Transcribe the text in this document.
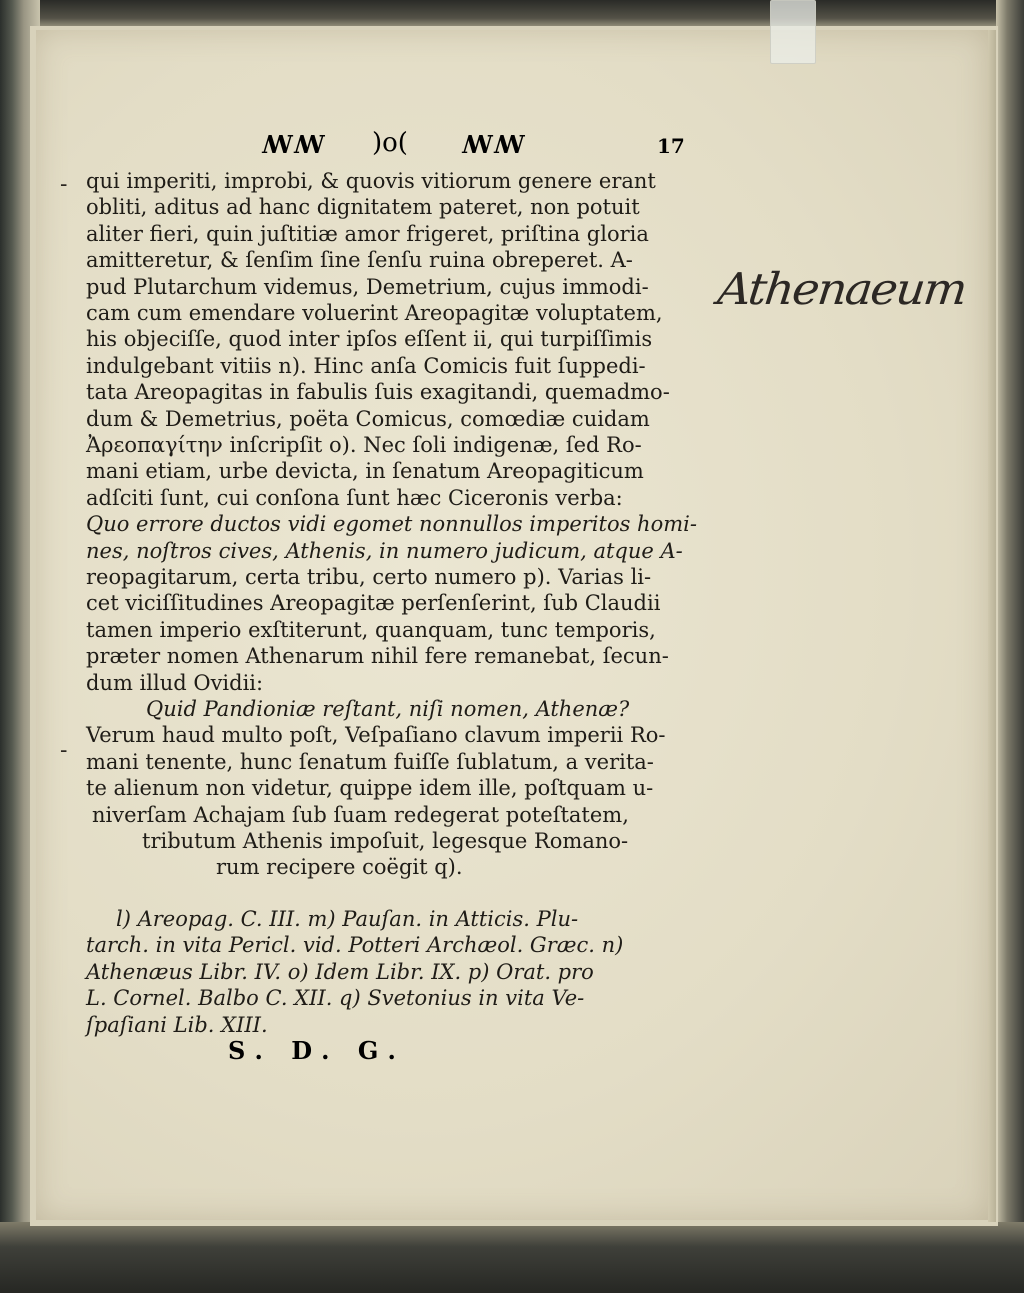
ꟿꟿ )o( ꟿꟿ	17
qui imperiti, improbi, & quovis vitiorum genere erant
obliti, aditus ad hanc dignitatem pateret, non potuit
aliter fieri, quin juſtitiæ amor frigeret, priſtina gloria
amitteretur, & ſenſim ſine ſenſu ruina obreperet. A-
pud Plutarchum videmus, Demetrium, cujus immodi-
cam cum emendare voluerint Areopagitæ voluptatem,
his objeciſſe, quod inter ipſos eſſent ii, qui turpiſſimis
indulgebant vitiis n). Hinc anſa Comicis fuit ſuppedi-
tata Areopagitas in fabulis ſuis exagitandi, quemadmo-
dum & Demetrius, poëta Comicus, comœdiæ cuidam
Ἀρεοπαγίτην inſcripſit o). Nec ſoli indigenæ, ſed Ro-
mani etiam, urbe devicta, in ſenatum Areopagiticum
adſciti ſunt, cui conſona ſunt hæc Ciceronis verba:
Quo errore ductos vidi egomet nonnullos imperitos homi-
nes, noſtros cives, Athenis, in numero judicum, atque A-
reopagitarum, certa tribu, certo numero p). Varias li-
cet viciſſitudines Areopagitæ perſenſerint, ſub Claudii
tamen imperio exſtiterunt, quanquam, tunc temporis,
præter nomen Athenarum nihil fere remanebat, ſecun-
dum illud Ovidii:
Quid Pandioniæ reſtant, niſi nomen, Athenæ?
Verum haud multo poſt, Veſpaſiano clavum imperii Ro-
mani tenente, hunc ſenatum fuiſſe ſublatum, a verita-
te alienum non videtur, quippe idem ille, poſtquam u-
niverſam Achajam ſub ſuam redegerat poteſtatem,
tributum Athenis impoſuit, legesque Romano-
rum recipere coëgit q).
l) Areopag. C. III. m) Pauſan. in Atticis. Plu-
tarch. in vita Pericl. vid. Potteri Archæol. Græc. n)
Athenæus Libr. IV. o) Idem Libr. IX. p) Orat. pro
L. Cornel. Balbo C. XII. q) Svetonius in vita Ve-
ſpaſiani Lib. XIII.
S. D. G.
Athenaeum
-
-
